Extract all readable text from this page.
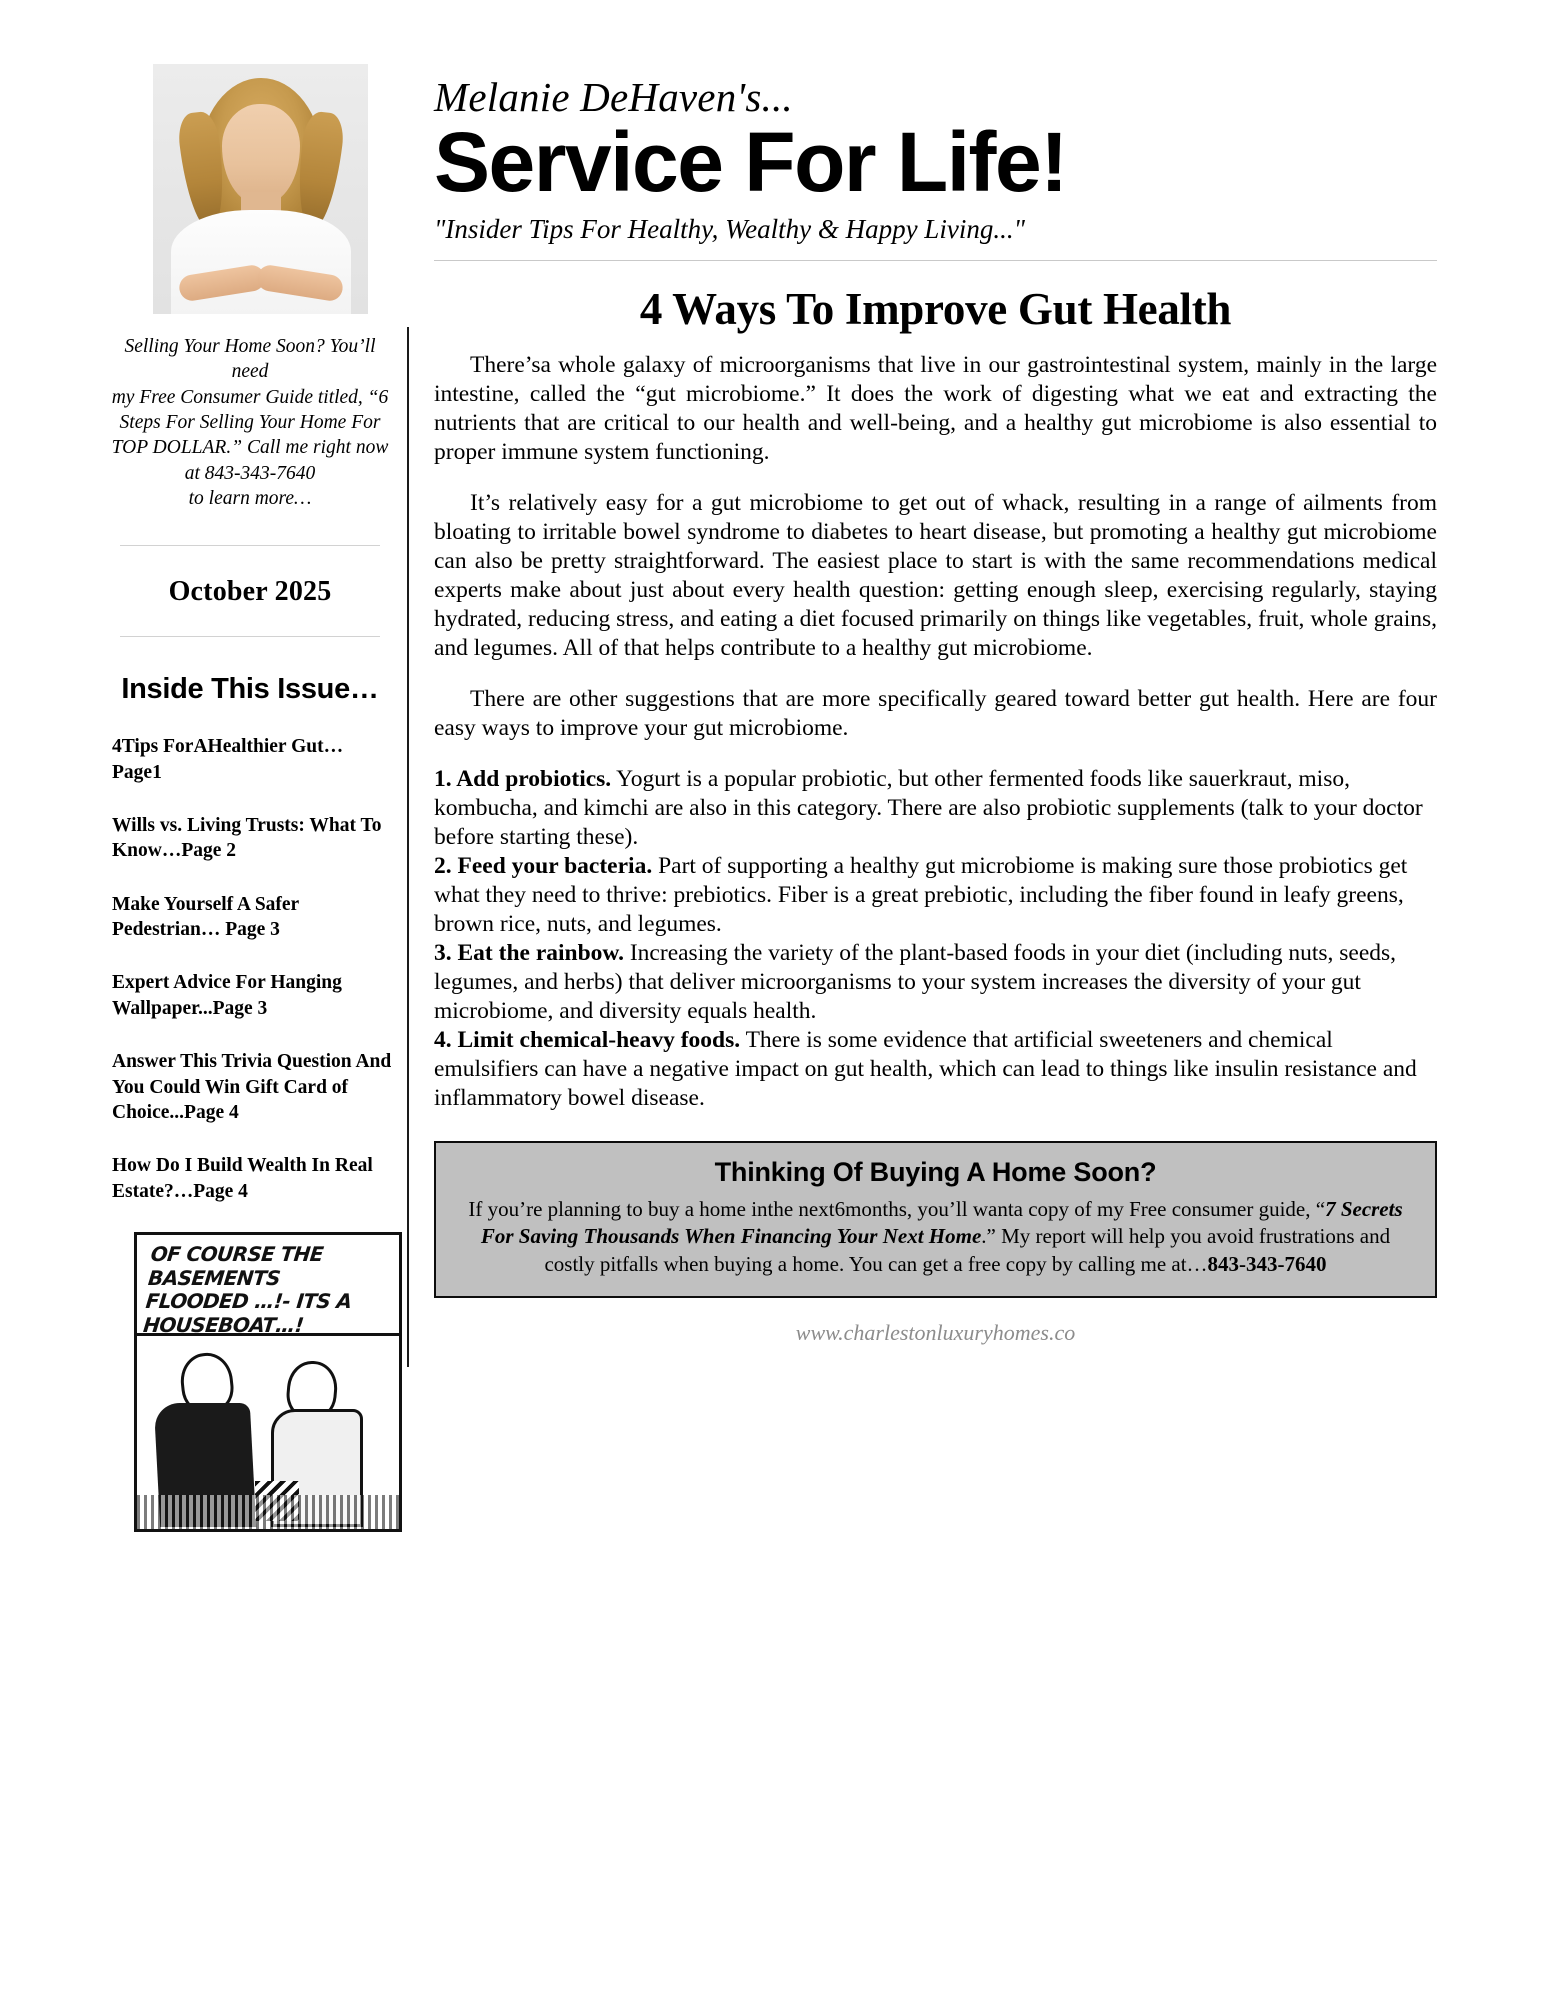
Selling Your Home Soon? You’ll need

my Free Consumer Guide titled, “6

Steps For Selling Your Home For

TOP DOLLAR.” Call me right now

at 843-343-7640

to learn more…

October 2025
Inside This Issue…
4Tips ForAHealthier Gut…Page1
Wills vs. Living Trusts: What To Know…Page 2
Make Yourself A Safer Pedestrian… Page 3
Expert Advice For Hanging Wallpaper...Page 3
Answer This Trivia Question And You Could Win Gift Card of Choice...Page 4
How Do I Build Wealth In Real Estate?…Page 4
OF COURSE THE BASEMENTS
FLOODED …!- ITS A
HOUSEBOAT…!
Melanie DeHaven's...
Service For Life!
"Insider Tips For Healthy, Wealthy & Happy Living..."
4 Ways To Improve Gut Health

There’sa whole galaxy of microorganisms that live in our gastrointestinal system, mainly in the large intestine, called the “gut microbiome.” It does the work of digesting what we eat and extracting the nutrients that are critical to our health and well-being, and a healthy gut microbiome is also essential to proper immune system functioning.

It’s relatively easy for a gut microbiome to get out of whack, resulting in a range of ailments from bloating to irritable bowel syndrome to diabetes to heart disease, but promoting a healthy gut microbiome can also be pretty straightforward. The easiest place to start is with the same recommendations medical experts make about just about every health question: getting enough sleep, exercising regularly, staying hydrated, reducing stress, and eating a diet focused primarily on things like vegetables, fruit, whole grains, and legumes. All of that helps contribute to a healthy gut microbiome.

There are other suggestions that are more specifically geared toward better gut health. Here are four easy ways to improve your gut microbiome.

1. Add probiotics. Yogurt is a popular probiotic, but other fermented foods like sauerkraut, miso, kombucha, and kimchi are also in this category. There are also probiotic supplements (talk to your doctor before starting these).

2. Feed your bacteria. Part of supporting a healthy gut microbiome is making sure those probiotics get what they need to thrive: prebiotics. Fiber is a great prebiotic, including the fiber found in leafy greens, brown rice, nuts, and legumes.

3. Eat the rainbow. Increasing the variety of the plant-based foods in your diet (including nuts, seeds, legumes, and herbs) that deliver microorganisms to your system increases the diversity of your gut microbiome, and diversity equals health.

4. Limit chemical-heavy foods. There is some evidence that artificial sweeteners and chemical emulsifiers can have a negative impact on gut health, which can lead to things like insulin resistance and inflammatory bowel disease.

Thinking Of Buying A Home Soon?

If you’re planning to buy a home inthe next6months, you’ll wanta copy of my Free consumer guide, “7 Secrets For Saving Thousands When Financing Your Next Home.” My report will help you avoid frustrations and costly pitfalls when buying a home. You can get a free copy by calling me at…843-343-7640

www.charlestonluxuryhomes.co
